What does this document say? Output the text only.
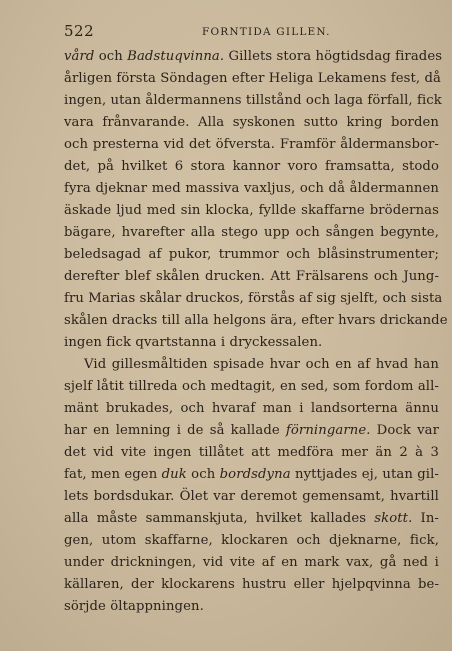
522	FORNTIDA GILLEN.
vård och Badstuqvinna. Gillets stora högtidsdag firades
årligen första Söndagen efter Heliga Lekamens fest, då
ingen, utan åldermannens tillstånd och laga förfall, fick
vara frånvarande. Alla syskonen sutto kring borden
och presterna vid det öfversta. Framför åldermansbor-
det, på hvilket 6 stora kannor voro framsatta, stodo
fyra djeknar med massiva vaxljus, och då åldermannen
äskade ljud med sin klocka, fyllde skaffarne brödernas
bägare, hvarefter alla stego upp och sången begynte,
beledsagad af pukor, trummor och blåsinstrumenter;
derefter blef skålen drucken. Att Frälsarens och Jung-
fru Marias skålar druckos, förstås af sig sjelft, och sista
skålen dracks till alla helgons ära, efter hvars drickande
ingen fick qvartstanna i dryckessalen.
Vid gillesmåltiden spisade hvar och en af hvad han
sjelf låtit tillreda och medtagit, en sed, som fordom all-
mänt brukades, och hvaraf man i landsorterna ännu
har en lemning i de så kallade förningarne. Dock var
det vid vite ingen tillåtet att medföra mer än 2 à 3
fat, men egen duk och bordsdyna nyttjades ej, utan gil-
lets bordsdukar. Ölet var deremot gemensamt, hvartill
alla måste sammanskjuta, hvilket kallades skott. In-
gen, utom skaffarne, klockaren och djeknarne, fick,
under drickningen, vid vite af en mark vax, gå ned i
källaren, der klockarens hustru eller hjelpqvinna be-
sörjde öltappningen.
